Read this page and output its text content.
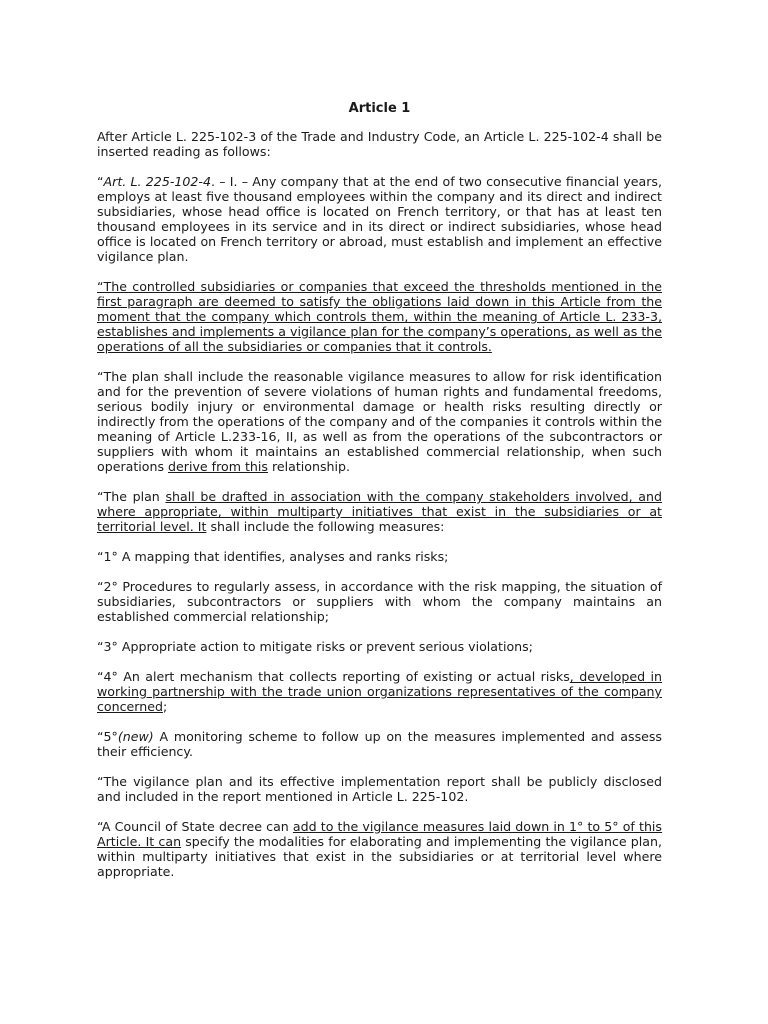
Article 1

After Article L. 225-102-3 of the Trade and Industry Code, an Article L. 225-102-4 shall be inserted reading as follows:

“Art. L. 225-102-4. – I. – Any company that at the end of two consecutive financial years, employs at least five thousand employees within the company and its direct and indirect subsidiaries, whose head office is located on French territory, or that has at least ten thousand employees in its service and in its direct or indirect subsidiaries, whose head office is located on French territory or abroad, must establish and implement an effective vigilance plan.

“The controlled subsidiaries or companies that exceed the thresholds mentioned in the first paragraph are deemed to satisfy the obligations laid down in this Article from the moment that the company which controls them, within the meaning of Article L. 233-3, establishes and implements a vigilance plan for the company’s operations, as well as the operations of all the subsidiaries or companies that it controls.

“The plan shall include the reasonable vigilance measures to allow for risk identification and for the prevention of severe violations of human rights and fundamental freedoms, serious bodily injury or environmental damage or health risks resulting directly or indirectly from the operations of the company and of the companies it controls within the meaning of Article L.233-16, II, as well as from the operations of the subcontractors or suppliers with whom it maintains an established commercial relationship, when such operations derive from this relationship.

“The plan shall be drafted in association with the company stakeholders involved, and where appropriate, within multiparty initiatives that exist in the subsidiaries or at territorial level. It shall include the following measures:

“1° A mapping that identifies, analyses and ranks risks;

“2° Procedures to regularly assess, in accordance with the risk mapping, the situation of subsidiaries, subcontractors or suppliers with whom the company maintains an established commercial relationship;

“3° Appropriate action to mitigate risks or prevent serious violations;

“4° An alert mechanism that collects reporting of existing or actual risks, developed in working partnership with the trade union organizations representatives of the company concerned;

“5°(new) A monitoring scheme to follow up on the measures implemented and assess their efficiency.

“The vigilance plan and its effective implementation report shall be publicly disclosed and included in the report mentioned in Article L. 225-102.

“A Council of State decree can add to the vigilance measures laid down in 1° to 5° of this Article. It can specify the modalities for elaborating and implementing the vigilance plan, within multiparty initiatives that exist in the subsidiaries or at territorial level where appropriate.
